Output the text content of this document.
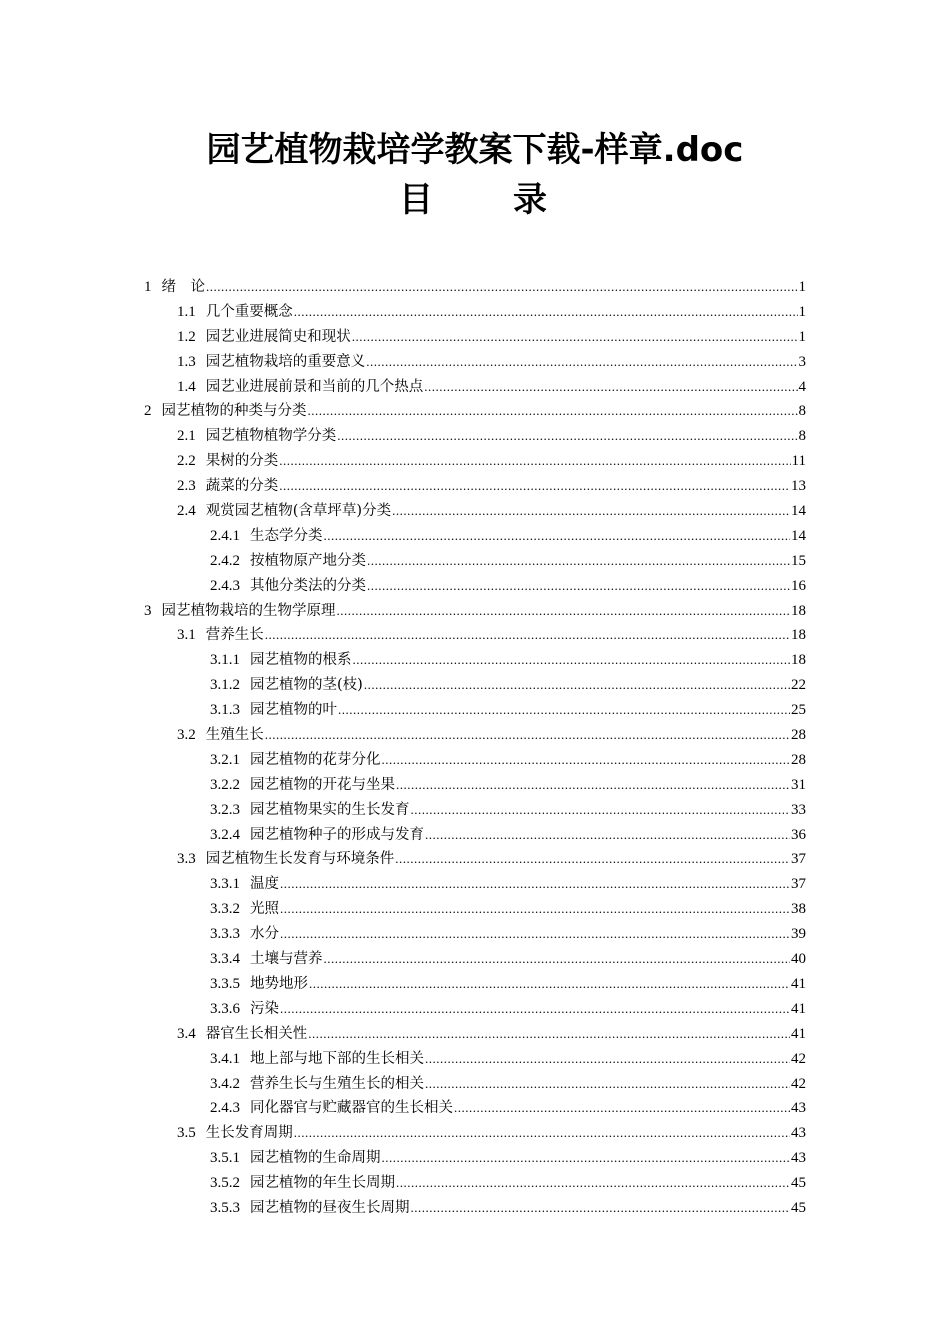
园艺植物栽培学教案下载-样章.doc
目　　录
1 绪　论 .....	1
1.1 几个重要概念 .....	1
1.2 园艺业进展简史和现状 .....	1
1.3 园艺植物栽培的重要意义 .....	3
1.4 园艺业进展前景和当前的几个热点 .....	4
2 园艺植物的种类与分类 .....	8
2.1 园艺植物植物学分类 .....	8
2.2 果树的分类 .....	11
2.3 蔬菜的分类 .....	13
2.4 观赏园艺植物(含草坪草)分类 .....	14
2.4.1 生态学分类 .....	14
2.4.2 按植物原产地分类 .....	15
2.4.3 其他分类法的分类 .....	16
3 园艺植物栽培的生物学原理 .....	18
3.1 营养生长 .....	18
3.1.1 园艺植物的根系 .....	18
3.1.2 园艺植物的茎(枝) .....	22
3.1.3 园艺植物的叶 .....	25
3.2 生殖生长 .....	28
3.2.1 园艺植物的花芽分化 .....	28
3.2.2 园艺植物的开花与坐果 .....	31
3.2.3 园艺植物果实的生长发育 .....	33
3.2.4 园艺植物种子的形成与发育 .....	36
3.3 园艺植物生长发育与环境条件 .....	37
3.3.1 温度 .....	37
3.3.2 光照 .....	38
3.3.3 水分 .....	39
3.3.4 土壤与营养 .....	40
3.3.5 地势地形 .....	41
3.3.6 污染 .....	41
3.4 器官生长相关性 .....	41
3.4.1 地上部与地下部的生长相关 .....	42
3.4.2 营养生长与生殖生长的相关 .....	42
2.4.3 同化器官与贮藏器官的生长相关 .....	43
3.5 生长发育周期 .....	43
3.5.1 园艺植物的生命周期 .....	43
3.5.2 园艺植物的年生长周期 .....	45
3.5.3 园艺植物的昼夜生长周期 .....	45
